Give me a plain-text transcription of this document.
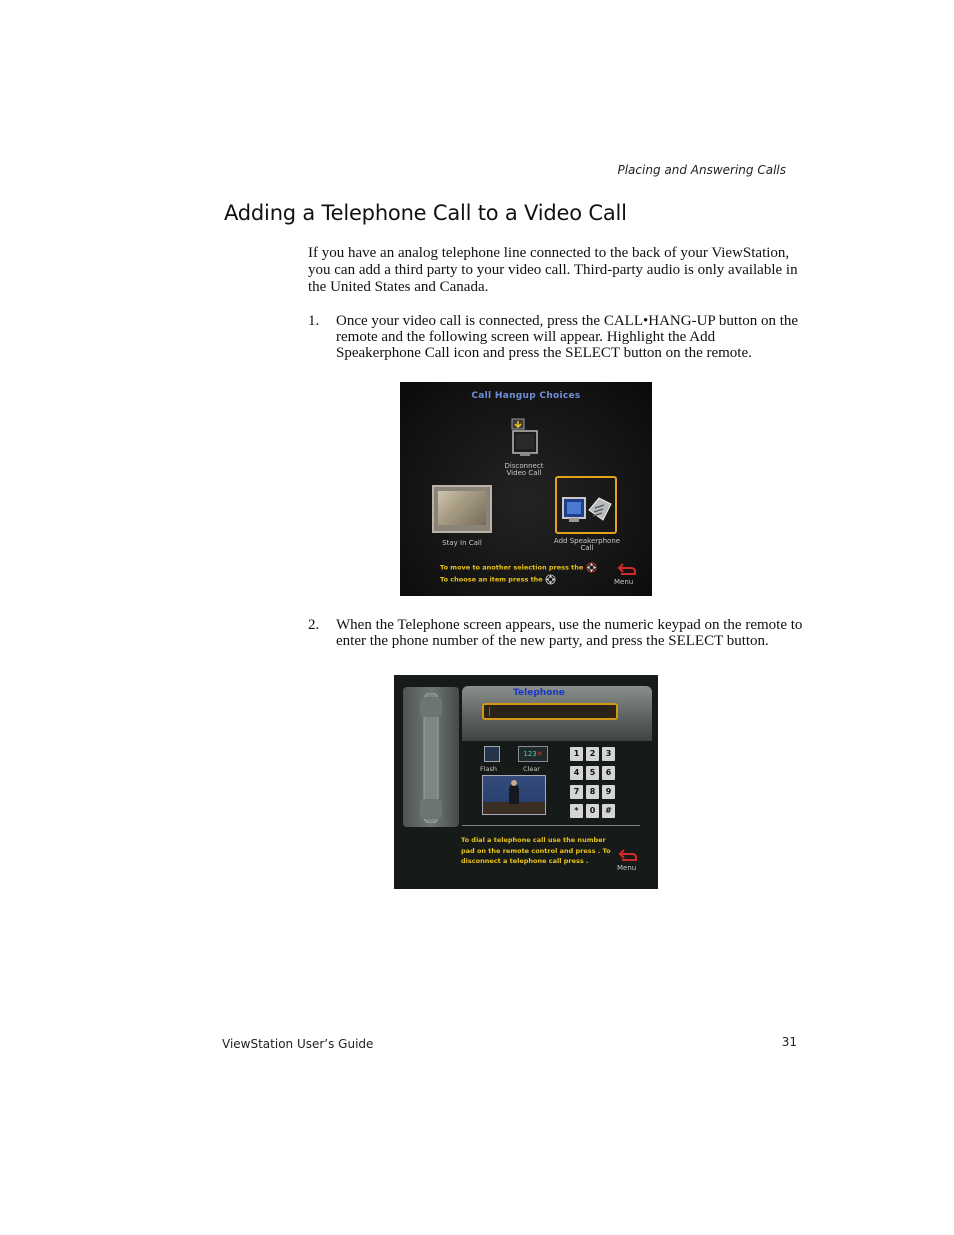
Placing and Answering Calls
Adding a Telephone Call to a Video Call

If you have an analog telephone line connected to the back of your ViewStation, you can add a third party to your video call. Third-party audio is only available in the United States and Canada.

1. Once your video call is connected, press the CALL•HANG-UP button on the remote and the following screen will appear. Highlight the Add Speakerphone Call icon and press the SELECT button on the remote.
Call Hangup Choices
Disconnect
Video Call
Stay In Call	Add Speakerphone
Call
To move to another selection press the
To choose an item press the	Menu
2. When the Telephone screen appears, use the numeric keypad on the remote to enter the phone number of the new party, and press the SELECT button.
Telephone
Flash
123✕
Clear
1	2	3
4	5	6
7	8	9
*	0	#
To dial a telephone call use the number pad on the remote control and press . To disconnect a telephone call press .
Menu
ViewStation User’s Guide	31
